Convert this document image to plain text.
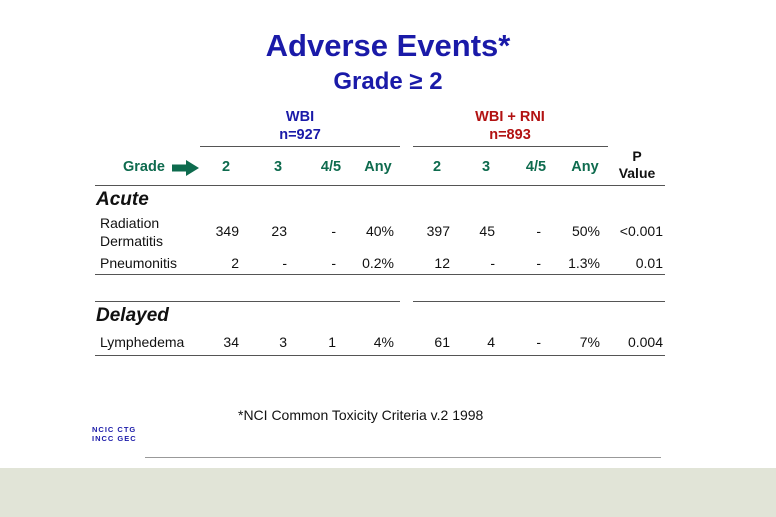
Adverse Events*
Grade ≥ 2
WBI
n=927
WBI + RNI
n=893
Grade	2	3	4/5	Any	2	3	4/5	Any
P
Value
Acute
Radiation
Dermatitis
349	23	-	40%	397	45	-	50%	<0.001
Pneumonitis	2	-	-	0.2%	12	-	-	1.3%	0.01
Delayed
Lymphedema	34	3	1	4%	61	4	-	7%	0.004
*NCI Common Toxicity Criteria v.2 1998
NCIC CTG
INCC GEC
